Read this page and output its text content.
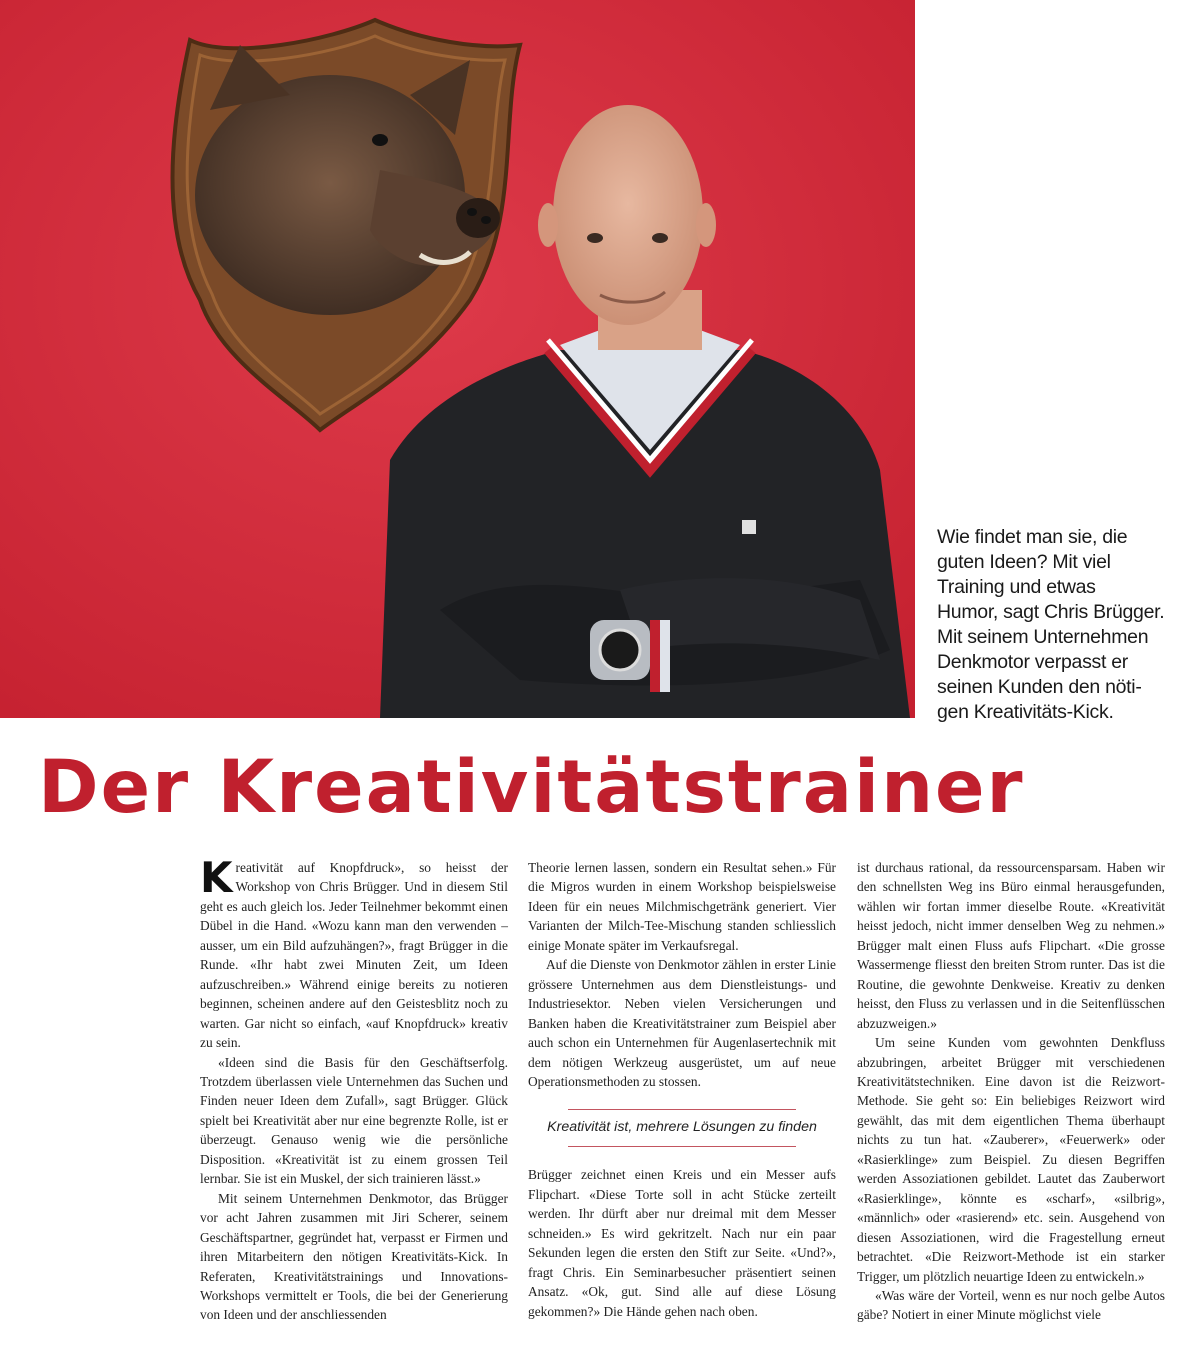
Wie findet man sie, die
guten Ideen? Mit viel
Training und etwas
Humor, sagt Chris Brügger.
Mit seinem Unternehmen
Denkmotor verpasst er
seinen Kunden den nöti-
gen Kreativitäts-Kick.
Der Kreativitätstrainer

Kreativität auf Knopfdruck», so heisst der Workshop von Chris Brügger. Und in diesem Stil geht es auch gleich los. Jeder Teilnehmer bekommt einen Dübel in die Hand. «Wozu kann man den verwenden – ausser, um ein Bild aufzuhängen?», fragt Brügger in die Runde. «Ihr habt zwei Minuten Zeit, um Ideen aufzuschreiben.» Während einige bereits zu notieren beginnen, scheinen andere auf den Geistesblitz noch zu warten. Gar nicht so einfach, «auf Knopfdruck» kreativ zu sein.

«Ideen sind die Basis für den Geschäftserfolg. Trotzdem überlassen viele Unternehmen das Suchen und Finden neuer Ideen dem Zufall», sagt Brügger. Glück spielt bei Kreativität aber nur eine begrenzte Rolle, ist er überzeugt. Genauso wenig wie die persönliche Disposition. «Kreativität ist zu einem grossen Teil lernbar. Sie ist ein Muskel, der sich trainieren lässt.»

Mit seinem Unternehmen Denkmotor, das Brügger vor acht Jahren zusammen mit Jiri Scherer, seinem Geschäftspartner, gegründet hat, verpasst er Firmen und ihren Mitarbeitern den nötigen Kreativitäts-Kick. In Referaten, Kreativitätstrainings und Innovations-Workshops vermittelt er Tools, die bei der Generierung von Ideen und der anschliessenden

Theorie lernen lassen, sondern ein Resultat sehen.» Für die Migros wurden in einem Workshop beispielsweise Ideen für ein neues Milchmischgetränk generiert. Vier Varianten der Milch-Tee-Mischung standen schliesslich einige Monate später im Verkaufsregal.

Auf die Dienste von Denkmotor zählen in erster Linie grössere Unternehmen aus dem Dienstleistungs- und Industriesektor. Neben vielen Versicherungen und Banken haben die Kreativitätstrainer zum Beispiel aber auch schon ein Unternehmen für Augenlasertechnik mit dem nötigen Werkzeug ausgerüstet, um auf neue Operationsmethoden zu stossen.

Kreativität ist, mehrere Lösungen zu finden

Brügger zeichnet einen Kreis und ein Messer aufs Flipchart. «Diese Torte soll in acht Stücke zerteilt werden. Ihr dürft aber nur dreimal mit dem Messer schneiden.» Es wird gekritzelt. Nach nur ein paar Sekunden legen die ersten den Stift zur Seite. «Und?», fragt Chris. Ein Seminarbesucher präsentiert seinen Ansatz. «Ok, gut. Sind alle auf diese Lösung gekommen?» Die Hände gehen nach oben.

ist durchaus rational, da ressourcensparsam. Haben wir den schnellsten Weg ins Büro einmal herausgefunden, wählen wir fortan immer dieselbe Route. «Kreativität heisst jedoch, nicht immer denselben Weg zu nehmen.» Brügger malt einen Fluss aufs Flipchart. «Die grosse Wassermenge fliesst den breiten Strom runter. Das ist die Routine, die gewohnte Denkweise. Kreativ zu denken heisst, den Fluss zu verlassen und in die Seitenflüsschen abzuzweigen.»

Um seine Kunden vom gewohnten Denkfluss abzubringen, arbeitet Brügger mit verschiedenen Kreativitätstechniken. Eine davon ist die Reizwort-Methode. Sie geht so: Ein beliebiges Reizwort wird gewählt, das mit dem eigentlichen Thema überhaupt nichts zu tun hat. «Zauberer», «Feuerwerk» oder «Rasierklinge» zum Beispiel. Zu diesen Begriffen werden Assoziationen gebildet. Lautet das Zauberwort «Rasierklinge», könnte es «scharf», «silbrig», «männlich» oder «rasierend» etc. sein. Ausgehend von diesen Assoziationen, wird die Fragestellung erneut betrachtet. «Die Reizwort-Methode ist ein starker Trigger, um plötzlich neuartige Ideen zu entwickeln.»

«Was wäre der Vorteil, wenn es nur noch gelbe Autos gäbe? Notiert in einer Minute möglichst viele
